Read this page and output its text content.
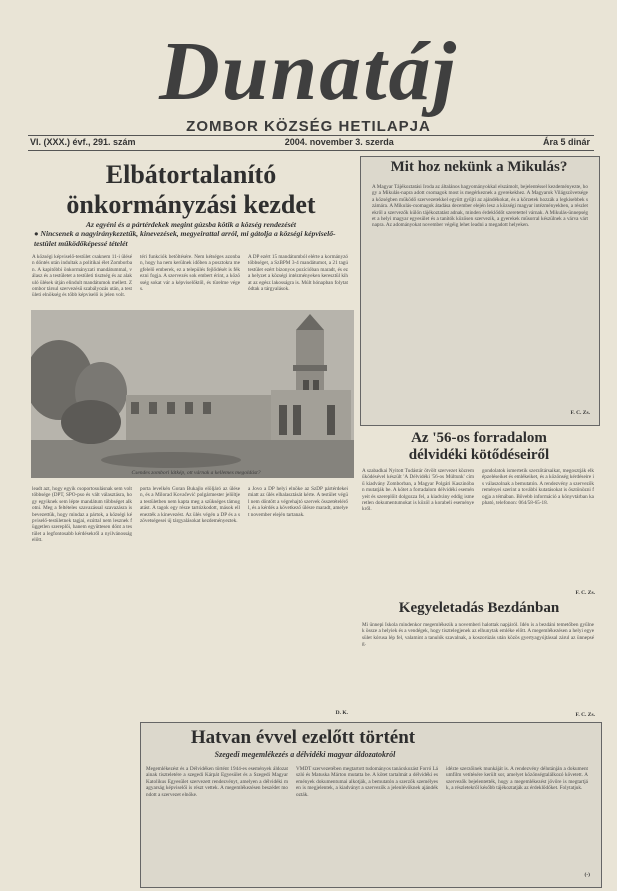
Dunatáj
ZOMBOR KÖZSÉG HETILAPJA
VI. (XXX.) évf., 291. szám	2004. november 3. szerda	Ára 5 dinár
Elbátortalanító önkormányzási kezdet
Az egyéni és a pártérdekek megint gúzsba kötik a község rendezését
● Nincsenek a nagyiránykezetűk, kinevezések, megyeirattal arról, mi gátolja a községi képviselő-testület működőképessé tételét
A községi képviselő-testület csaknem 11-i ülésén döntés után indultak a politikai élet Zomborban. A kapitóbbi önkormányzati mandátummal, válasz és a testületet a testületi tisztség és az alakuló ülések útján elindult mandátumok mellett. Zombor társul szervezésű szabályozás után, a testületi elnökség és több képviselő is jelen volt.
téri funkciók betöltésére. Nem kétséges azonban, hogy ha nem kerülnek időben a posztokra megfelelő emberek, ez a település fejlődését is fékezni fogja. A szervezés sok embert érint, a közösség sokat vár a képviselőktől, és türelme véges.
A DP ezért 15 mandátumból elérte a kormányzó többséget, a SzBPM 3-4 mandátumot, a 21 tagú testület ezért bizonyos pozícióban maradt, és ez a helyzet a községi intézményeken keresztül kihat az egész lakosságra is. Múlt hónapban folytatódtak a tárgyalások.
Csendes zombori látkép, ott várnak a kellemes megoldást?
leadt azt, hogy egyik csoportosulásnak sem volt többsége (DPT, SPO-pso és vált választásra, hogy egyiknek sem lépte mandátum többséget alkotni. Meg a feltételes szavazással szavazásra is bevezettük, hogy mindaz a pártok, a községi képviselő-testületnek tagjai, ezúttal nem lesznek független szereplői, hanem együttesen dönt a testület a legfontosabb kérdésekről a nyilvánosság előtt.
porta levelkén Goran Bukajlo elöljáró az ülésen, és a Milorad Kovačević polgármester jelöltje a testületben nem kapta meg a szükséges támogatást. A tagok egy része tartózkodott, mások ellenezték a kinevezést. Az ülés végén a DP és a szövetségesei új tárgyalásokat kezdeményeztek.
a Jovo a DP helyi elnöke az SzDP pártérdekei miatt az ülés elhalasztását kérte. A testület végül nem döntött a végrehajtó szervek összetételéről, és a kérdés a következő ülésre maradt, amelyet november elején tartanak.
D. K.
Mit hoz nekünk a Mikulás?
A Magyar Tájékoztatási Iroda az általános hagyományokkal elszámolt, bejelentéssel kezdeményezte, hogy a Mikulás-napra adott csomagok most is megérkeznek a gyerekekhez. A Magyarok Világszövetsége a községben működő szervezetekkel együtt gyűjti az ajándékokat, és a körzetek hozzák a legkisebbek számára. A Mikulás-csomagok átadása december elején lesz a községi magyar intézményekben, a részletekről a szervezők külön tájékoztatást adnak, minden érdeklődőt szeretettel várnak. A Mikulás-ünnepséget a helyi magyar egyesület és a tanítók közösen szervezik, a gyerekek műsorral készülnek a várva várt napra. Az adományokat november végéig lehet leadni a megadott helyeken.
F. C. Zs.
Az '56-os forradalom
délvidéki kötődéseiről
A szabadkai Nyitott Tudástár ötvölt szervezet közreműködésével készült 'A Délvidéki '56-os Múltunk' című kiadvány Zomborban, a Magyar Polgári Kaszinóban mutatják be. A kötet a forradalom délvidéki eseményeit és szereplőit dolgozza fel, a kiadvány eddig ismeretlen dokumentumokat is közöl a korabeli eseményekről.
gondolatok ismertetik szerzőtársaikat, megosztják elképzeléseiket és emlékeiket, és a közönség kérdéseire is válaszolnak a bemutatón. A rendezvény a szervezők reményei szerint a további kutatásokat is ösztönözni fogja a témában. Bővebb információ a könyvtárban kapható, telefonon: 064/58-65-18.
F. C. Zs.
Kegyeletadás Bezdánban
Mi ünnepi Iskola mindenkor megemlékezik a novemberi halottak napjáról. Idén is a bezdáni temetőben gyűlnek össze a helyiek és a vendégek, hogy tisztelegjenek az elhunytak emléke előtt. A megemlékezésen a helyi egyesület kórusa lép fel, valamint a tanulók szavalnak, a koszorúzás után közös gyertyagyújtással zárul az ünnepség.
F. C. Zs.
Hatvan évvel ezelőtt történt
Szegedi megemlékezés a délvidéki magyar áldozatokról
Megemlékezést és a Délvidéken történt 1944-es események áldozatainak tiszteletére a szegedi Kárpát Egyesület és a Szegedi Magyar Katolikus Egyesület szervezett rendezvényt, amelyen a délvidéki magyarság képviselői is részt vettek. A megemlékezésen beszédet mondott a szervezet elnöke.
VMDT szervezetében megtartott tudományos tanácskozást Forró László és Matuska Márton mutatta be. A kötet tartalmát a délvidéki események dokumentumai alkotják, a bemutatón a szerzők személyesen is megjelentek, a kiadványt a szervezők a jelenlévőknek ajándékozták.
idézte szerzőinek munkáját is. A rendezvény délutánján a dokumentumfilm vetítésére került sor, amelyet közönségtalálkozó követett. A szervezők bejelentették, hogy a megemlékezést jövőre is megtartják, a részletekről később tájékoztatják az érdeklődőket. Folytatjuk.
(-)
